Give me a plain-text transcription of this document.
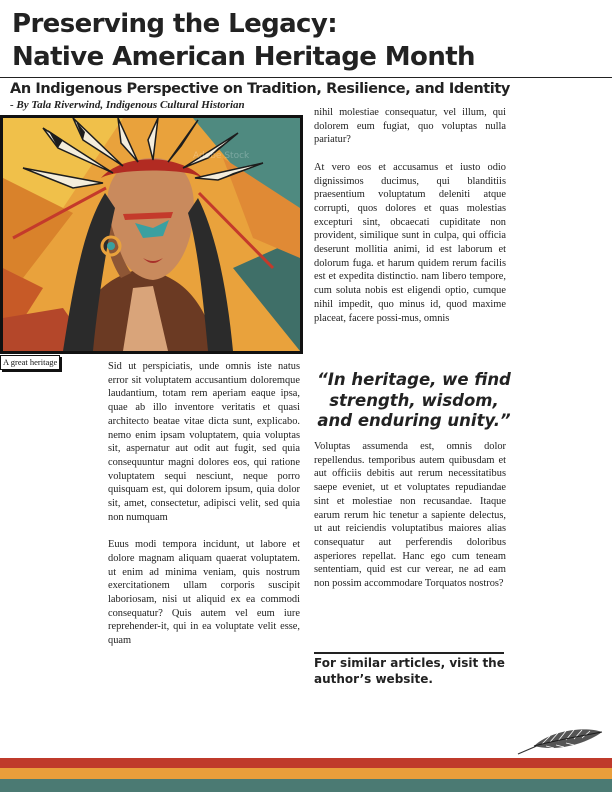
Preserving the Legacy:
Native American Heritage Month
An Indigenous Perspective on Tradition, Resilience, and Identity
- By Tala Riverwind, Indigenous Cultural Historian
Adobe Stock
A great heritage	Sid ut perspiciatis, unde omnis iste natus error sit voluptatem accusantium doloremque laudantium, totam rem aperiam eaque ipsa, quae ab illo inventore veritatis et quasi architecto beatae vitae dicta sunt, explicabo. nemo enim ipsam voluptatem, quia voluptas sit, aspernatur aut odit aut fugit, sed quia consequuntur magni dolores eos, qui ratione voluptatem sequi nesciunt, neque porro quisquam est, qui dolorem ipsum, quia dolor sit, amet, consectetur, adipisci velit, sed quia non numquam

Euus modi tempora incidunt, ut labore et dolore magnam aliquam quaerat voluptatem. ut enim ad minima veniam, quis nostrum exercitationem ullam corporis suscipit laboriosam, nisi ut aliquid ex ea commodi consequatur? Quis autem vel eum iure reprehender-it, qui in ea voluptate velit esse, quam

nihil molestiae consequatur, vel illum, qui dolorem eum fugiat, quo voluptas nulla pariatur?

At vero eos et accusamus et iusto odio dignissimos ducimus, qui blanditiis praesentium voluptatum deleniti atque corrupti, quos dolores et quas molestias excepturi sint, obcaecati cupiditate non provident, similique sunt in culpa, qui officia deserunt mollitia animi, id est laborum et dolorum fuga. et harum quidem rerum facilis est et expedita distinctio. nam libero tempore, cum soluta nobis est eligendi optio, cumque nihil impedit, quo minus id, quod maxime placeat, facere possi-mus, omnis

“In heritage, we find strength, wisdom, and enduring unity.”

Voluptas assumenda est, omnis dolor repellendus. temporibus autem quibusdam et aut officiis debitis aut rerum necessitatibus saepe eveniet, ut et voluptates repudiandae sint et molestiae non recusandae. Itaque earum rerum hic tenetur a sapiente delectus, ut aut reiciendis voluptatibus maiores alias consequatur aut perferendis doloribus asperiores repellat. Hanc ego cum teneam sententiam, quid est cur verear, ne ad eam non possim accommodare Torquatos nostros?

For similar articles, visit the author’s website.
